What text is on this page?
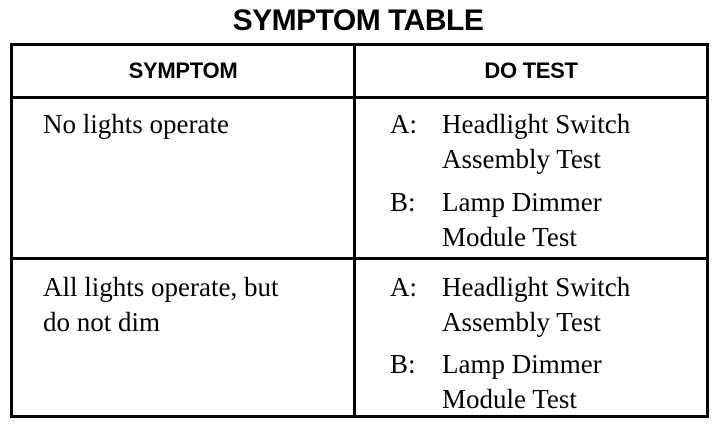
SYMPTOM TABLE
SYMPTOM	DO TEST
No lights operate	A: Headlight Switch
Assembly Test
B: Lamp Dimmer
Module Test
All lights operate, but
do not dim
A: Headlight Switch
Assembly Test
B: Lamp Dimmer
Module Test
